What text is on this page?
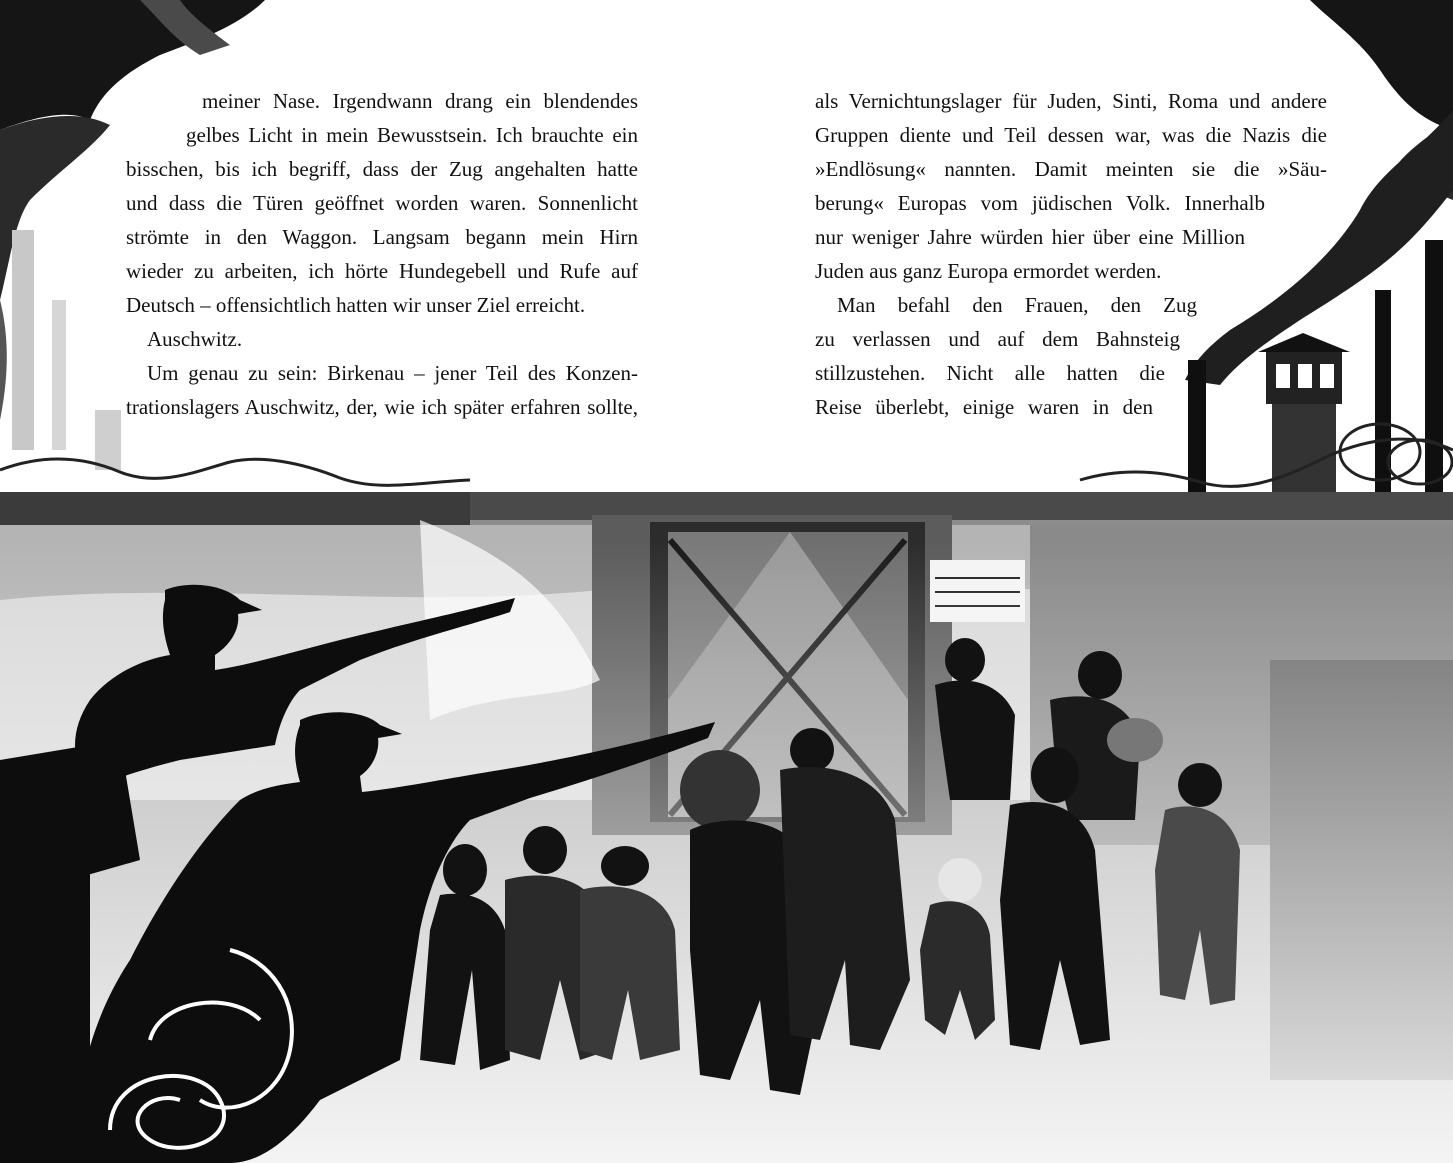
meiner Nase. Irgendwann drang ein blendendes

gelbes Licht in mein Bewusstsein. Ich brauchte ein

bisschen, bis ich begriff, dass der Zug angehalten hatte

und dass die Türen geöffnet worden waren. Sonnenlicht

strömte in den Waggon. Langsam begann mein Hirn

wieder zu arbeiten, ich hörte Hundegebell und Rufe auf

Deutsch – offensichtlich hatten wir unser Ziel erreicht.

Auschwitz.

Um genau zu sein: Birkenau – jener Teil des Konzen-

trationslagers Auschwitz, der, wie ich später erfahren sollte,

als Vernichtungslager für Juden, Sinti, Roma und andere

Gruppen diente und Teil dessen war, was die Nazis die

»Endlösung« nannten. Damit meinten sie die »Säu-

berung« Europas vom jüdischen Volk. Innerhalb

nur weniger Jahre würden hier über eine Million

Juden aus ganz Europa ermordet werden.

Man befahl den Frauen, den Zug

zu verlassen und auf dem Bahnsteig

stillzustehen. Nicht alle hatten die

Reise überlebt, einige waren in den
